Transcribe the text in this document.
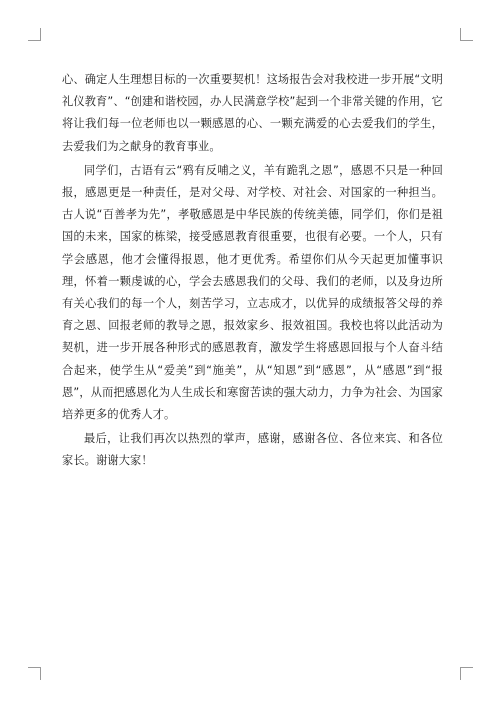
心、确定人生理想目标的一次重要契机！这场报告会对我校进一步开展“文明礼仪教育”、“创建和谐校园，办人民满意学校”起到一个非常关键的作用，它将让我们每一位老师也以一颗感恩的心、一颗充满爱的心去爱我们的学生，去爱我们为之献身的教育事业。

同学们，古语有云“鸦有反哺之义，羊有跪乳之恩”，感恩不只是一种回报，感恩更是一种责任，是对父母、对学校、对社会、对国家的一种担当。古人说“百善孝为先”，孝敬感恩是中华民族的传统美德，同学们，你们是祖国的未来，国家的栋梁，接受感恩教育很重要，也很有必要。一个人，只有学会感恩，他才会懂得报恩，他才更优秀。希望你们从今天起更加懂事识理，怀着一颗虔诚的心，学会去感恩我们的父母、我们的老师，以及身边所有关心我们的每一个人，刻苦学习，立志成才，以优异的成绩报答父母的养育之恩、回报老师的教导之恩，报效家乡、报效祖国。我校也将以此活动为契机，进一步开展各种形式的感恩教育，激发学生将感恩回报与个人奋斗结合起来，使学生从“爱美”到“施美”，从“知恩”到“感恩”，从“感恩”到“报恩”，从而把感恩化为人生成长和寒窗苦读的强大动力，力争为社会、为国家培养更多的优秀人才。

最后，让我们再次以热烈的掌声，感谢，感谢各位、各位来宾、和各位家长。谢谢大家！
